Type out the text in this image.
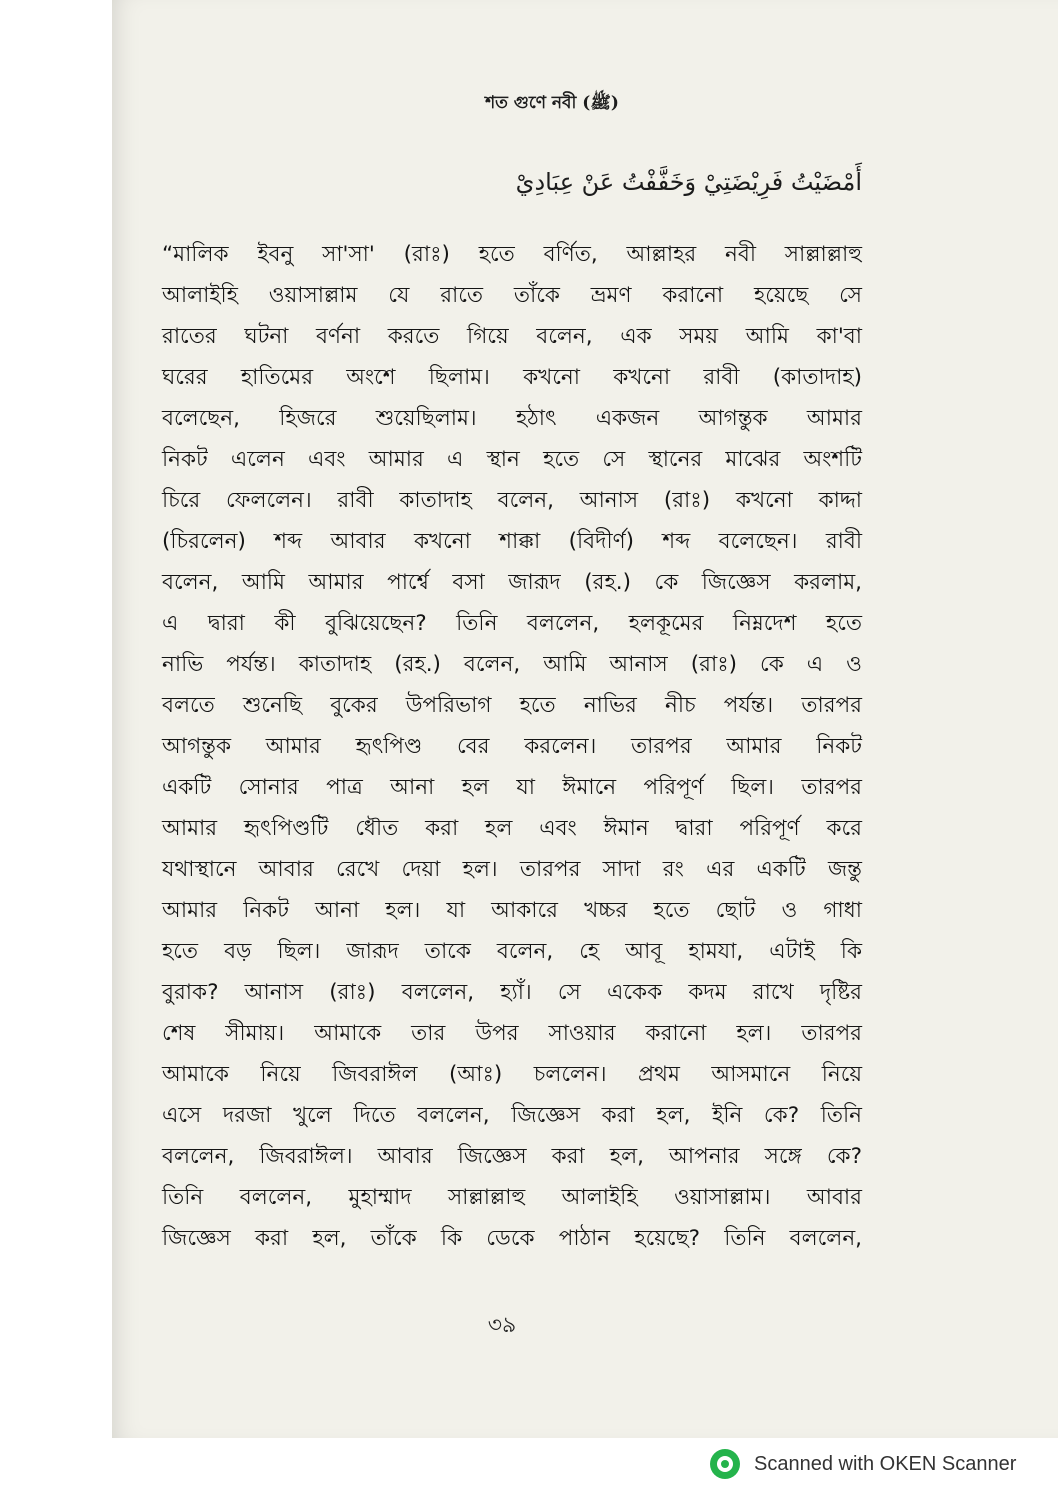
শত গুণে নবী (ﷺ)
أَمْضَيْتُ فَرِيْضَتِيْ وَخَفَّفْتُ عَنْ عِبَادِيْ
“মালিক ইবনু সা'সা' (রাঃ) হতে বর্ণিত, আল্লাহর নবী সাল্লাল্লাহু
আলাইহি ওয়াসাল্লাম যে রাতে তাঁকে ভ্রমণ করানো হয়েছে সে
রাতের ঘটনা বর্ণনা করতে গিয়ে বলেন, এক সময় আমি কা'বা
ঘরের হাতিমের অংশে ছিলাম। কখনো কখনো রাবী (কাতাদাহ)
বলেছেন, হিজরে শুয়েছিলাম। হঠাৎ একজন আগন্তুক আমার
নিকট এলেন এবং আমার এ স্থান হতে সে স্থানের মাঝের অংশটি
চিরে ফেললেন। রাবী কাতাদাহ বলেন, আনাস (রাঃ) কখনো কাদ্দা
(চিরলেন) শব্দ আবার কখনো শাক্কা (বিদীর্ণ) শব্দ বলেছেন। রাবী
বলেন, আমি আমার পার্শ্বে বসা জারূদ (রহ.) কে জিজ্ঞেস করলাম,
এ দ্বারা কী বুঝিয়েছেন? তিনি বললেন, হলকূমের নিম্নদেশ হতে
নাভি পর্যন্ত। কাতাদাহ (রহ.) বলেন, আমি আনাস (রাঃ) কে এ ও
বলতে শুনেছি বুকের উপরিভাগ হতে নাভির নীচ পর্যন্ত। তারপর
আগন্তুক আমার হৃৎপিণ্ড বের করলেন। তারপর আমার নিকট
একটি সোনার পাত্র আনা হল যা ঈমানে পরিপূর্ণ ছিল। তারপর
আমার হৃৎপিণ্ডটি ধৌত করা হল এবং ঈমান দ্বারা পরিপূর্ণ করে
যথাস্থানে আবার রেখে দেয়া হল। তারপর সাদা রং এর একটি জন্তু
আমার নিকট আনা হল। যা আকারে খচ্চর হতে ছোট ও গাধা
হতে বড় ছিল। জারূদ তাকে বলেন, হে আবূ হামযা, এটাই কি
বুরাক? আনাস (রাঃ) বললেন, হ্যাঁ। সে একেক কদম রাখে দৃষ্টির
শেষ সীমায়। আমাকে তার উপর সাওয়ার করানো হল। তারপর
আমাকে নিয়ে জিবরাঈল (আঃ) চললেন। প্রথম আসমানে নিয়ে
এসে দরজা খুলে দিতে বললেন, জিজ্ঞেস করা হল, ইনি কে? তিনি
বললেন, জিবরাঈল। আবার জিজ্ঞেস করা হল, আপনার সঙ্গে কে?
তিনি বললেন, মুহাম্মাদ সাল্লাল্লাহু আলাইহি ওয়াসাল্লাম। আবার
জিজ্ঞেস করা হল, তাঁকে কি ডেকে পাঠান হয়েছে? তিনি বললেন,
৩৯
Scanned with OKEN Scanner
